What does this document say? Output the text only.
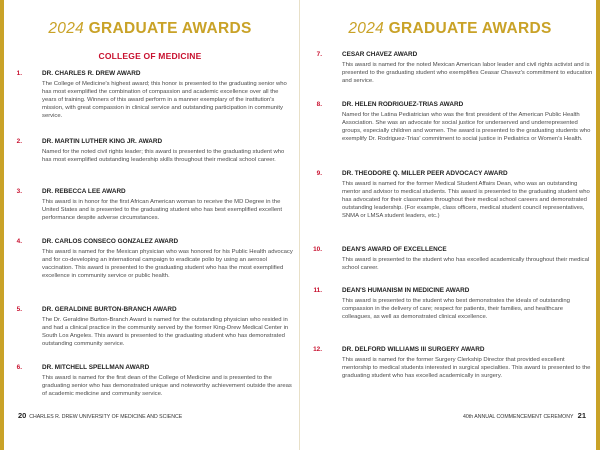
2024 GRADUATE AWARDS
COLLEGE OF MEDICINE
1.	DR. CHARLES R. DREW AWARD
The College of Medicine's highest award; this honor is presented to the graduating senior who has most exemplified the combination of compassion and academic excellence over all the years of training. Winners of this award perform in a manner exemplary of the institution's mission, with great compassion in clinical service and outstanding participation in community service.
2.	DR. MARTIN LUTHER KING JR. AWARD
Named for the noted civil rights leader; this award is presented to the graduating student who has most exemplified outstanding leadership skills throughout their medical school career.
3.	DR. REBECCA LEE AWARD
This award is in honor for the first African American woman to receive the MD Degree in the United States and is presented to the graduating student who has best exemplified excellent performance despite adverse circumstances.
4.	DR. CARLOS CONSECO GONZALEZ AWARD
This award is named for the Mexican physician who was honored for his Public Health advocacy and for co-developing an international campaign to eradicate polio by using an aerosol vaccination. This award is presented to the graduating student who has the most exemplified excellence in community service or public health.
5.	DR. GERALDINE BURTON-BRANCH AWARD
The Dr. Geraldine Burton-Branch Award is named for the outstanding physician who resided in and had a clinical practice in the community served by the former King-Drew Medical Center in South Los Angeles. This award is presented to the graduating student who has demonstrated outstanding community service.
6.	DR. MITCHELL SPELLMAN AWARD
This award is named for the first dean of the College of Medicine and is presented to the graduating senior who has demonstrated unique and noteworthy achievement outside the areas of academic medicine and community service.
20 CHARLES R. DREW UNIVERSITY OF MEDICINE AND SCIENCE
2024 GRADUATE AWARDS
7.	CESAR CHAVEZ AWARD
This award is named for the noted Mexican American labor leader and civil rights activist and is presented to the graduating student who exemplifies Ceasar Chavez's commitment to education and service.
8.	DR. HELEN RODRIGUEZ-TRIAS AWARD
Named for the Latina Pediatrician who was the first president of the American Public Health Association. She was an advocate for social justice for underserved and underrepresented groups, especially children and women. The award is presented to the graduating students who exemplify Dr. Rodriguez-Trias' commitment to social justice in Pediatrics or Women's Health.
9.	DR. THEODORE Q. MILLER PEER ADVOCACY AWARD
This award is named for the former Medical Student Affairs Dean, who was an outstanding mentor and advisor to medical students. This award is presented to the graduating student who has advocated for their classmates throughout their medical school careers and demonstrated outstanding leadership. (For example, class officers, medical student council representatives, SNMA or LMSA student leaders, etc.)
10.	DEAN'S AWARD OF EXCELLENCE
This award is presented to the student who has excelled academically throughout their medical school career.
11.	DEAN'S HUMANISM IN MEDICINE AWARD
This award is presented to the student who best demonstrates the ideals of outstanding compassion in the delivery of care; respect for patients, their families, and healthcare colleagues, as well as demonstrated clinical excellence.
12.	DR. DELFORD WILLIAMS III SURGERY AWARD
This award is named for the former Surgery Clerkship Director that provided excellent mentorship to medical students interested in surgical specialties. This award is presented to the graduating student who has excelled academically in surgery.
40th ANNUAL COMMENCEMENT CEREMONY 21
